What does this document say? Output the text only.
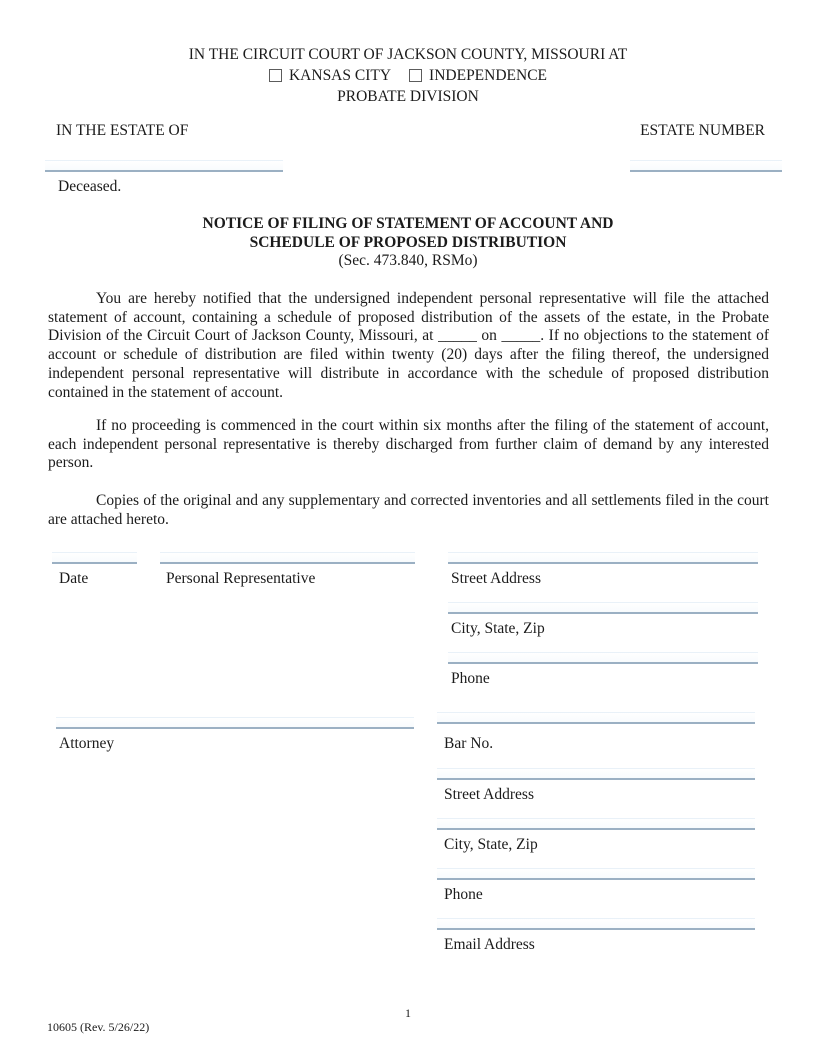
IN THE CIRCUIT COURT OF JACKSON COUNTY, MISSOURI AT
KANSAS CITY INDEPENDENCE
PROBATE DIVISION
IN THE ESTATE OF	ESTATE NUMBER
Deceased.
NOTICE OF FILING OF STATEMENT OF ACCOUNT AND
SCHEDULE OF PROPOSED DISTRIBUTION
(Sec. 473.840, RSMo)

You are hereby notified that the undersigned independent personal representative will file the attached statement of account, containing a schedule of proposed distribution of the assets of the estate, in the Probate Division of the Circuit Court of Jackson County, Missouri, at _____ on _____. If no objections to the statement of account or schedule of distribution are filed within twenty (20) days after the filing thereof, the undersigned independent personal representative will distribute in accordance with the schedule of proposed distribution contained in the statement of account.

If no proceeding is commenced in the court within six months after the filing of the statement of account, each independent personal representative is thereby discharged from further claim of demand by any interested person.

Copies of the original and any supplementary and corrected inventories and all settlements filed in the court are attached hereto.

Date	Personal Representative	Street Address
City, State, Zip
Phone
Attorney	Bar No.
Street Address
City, State, Zip
Phone
Email Address
1
10605 (Rev. 5/26/22)
